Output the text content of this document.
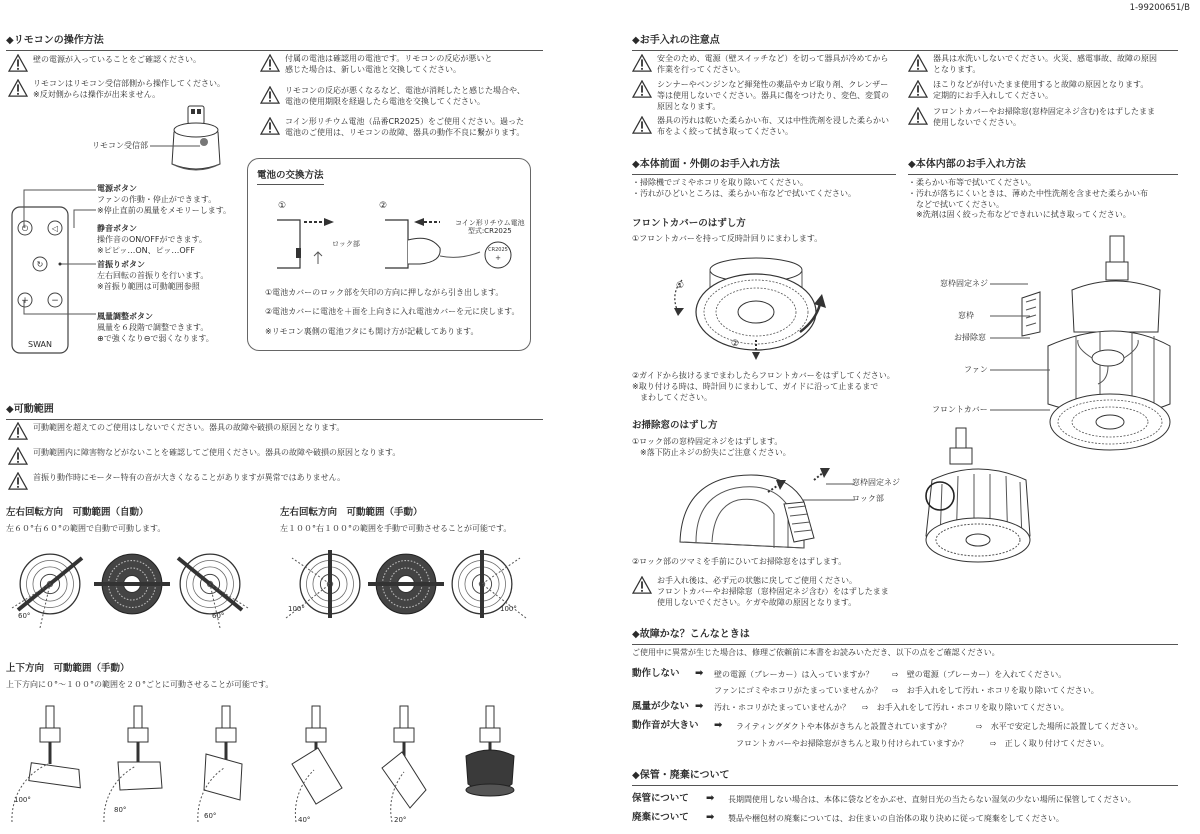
1-99200651/B
◆リモコンの操作方法
壁の電源が入っていることをご確認ください。
リモコンはリモコン受信部側から操作してください。
※反対側からは操作が出来ません。
リモコン受信部
⏻	◁
↻
+ −
SWAN
電源ボタン
ファンの作動・停止ができます。
※停止直前の風量をメモリーします。
静音ボタン
操作音のON/OFFができます。
※ピピッ…ON、ピッ…OFF
首振りボタン
左右回転の首振りを行います。
※首振り範囲は可動範囲参照
風量調整ボタン
風量を６段階で調整できます。
⊕で強くなり⊖で弱くなります。
付属の電池は確認用の電池です。リモコンの反応が悪いと
感じた場合は、新しい電池と交換してください。
リモコンの反応が悪くなるなど、電池が消耗したと感じた場合や、
電池の使用期限を経過したら電池を交換してください。
コイン形リチウム電池（品番CR2025）をご使用ください。過った
電池のご使用は、リモコンの故障、器具の動作不良に繋がります。
電池の交換方法
①	②
ロック部
コイン形リチウム電池
型式:CR2025
CR2025
+
①電池カバーのロック部を矢印の方向に押しながら引き出します。
②電池カバーに電池を＋面を上向きに入れ電池カバーを元に戻します。
※リモコン裏側の電池フタにも開け方が記載してあります。
◆可動範囲
可動範囲を超えてのご使用はしないでください。器具の故障や破損の原因となります。
可動範囲内に障害物などがないことを確認してご使用ください。器具の故障や破損の原因となります。
首振り動作時にモーター特有の音が大きくなることがありますが異常ではありません。
左右回転方向　可動範囲（自動）
左６０°右６０°の範囲で自動で可動します。
左右回転方向　可動範囲（手動）
左１００°右１００°の範囲を手動で可動させることが可能です。
60°	60°
100°	100°
上下方向　可動範囲（手動）
上下方向に０°～１００°の範囲を２０°ごとに可動させることが可能です。
100°
80°
60°	40°	20°
◆お手入れの注意点
安全のため、電源（壁スイッチなど）を切って器具が冷めてから
作業を行ってください。
シンナーやベンジンなど揮発性の薬品やカビ取り剤、クレンザー
等は使用しないでください。器具に傷をつけたり、変色、変質の
原因となります。
器具の汚れは乾いた柔らかい布、又は中性洗剤を浸した柔らかい
布をよく絞って拭き取ってください。
器具は水洗いしないでください。火災、感電事故、故障の原因
となります。
ほこりなどが付いたまま使用すると故障の原因となります。
定期的にお手入れしてください。
フロントカバーやお掃除窓(窓枠固定ネジ含む)をはずしたまま
使用しないでください。
◆本体前面・外側のお手入れ方法
・掃除機でゴミやホコリを取り除いてください。
・汚れがひどいところは、柔らかい布などで拭いてください。
◆本体内部のお手入れ方法
・柔らかい布等で拭いてください。
・汚れが落ちにくいときは、薄めた中性洗剤を含ませた柔らかい布
　などで拭いてください。
　※洗剤は固く絞った布などできれいに拭き取ってください。
フロントカバーのはずし方
①フロントカバーを持って反時計回りにまわします。
①
②
②ガイドから抜けるまでまわしたらフロントカバーをはずしてください。
※取り付ける時は、時計回りにまわして、ガイドに沿って止まるまで
　まわしてください。
お掃除窓のはずし方
①ロック部の窓枠固定ネジをはずします。
　※落下防止ネジの紛失にご注意ください。
窓枠固定ネジ
ロック部
窓枠固定ネジ
窓枠
お掃除窓
ファン
フロントカバー
②ロック部のツマミを手前にひいてお掃除窓をはずします。
お手入れ後は、必ず元の状態に戻してご使用ください。
フロントカバーやお掃除窓（窓枠固定ネジ含む）をはずしたまま
使用しないでください。ケガや故障の原因となります。
◆故障かな？こんなときは
ご使用中に異常が生じた場合は、修理ご依頼前に本書をお読みいただき、以下の点をご確認ください。
動作しない ➡ 壁の電源（ブレーカー）は入っていますか？ ⇨　壁の電源（ブレーカー）を入れてください。
ファンにゴミやホコリがたまっていませんか？ ⇨　お手入れをして汚れ・ホコリを取り除いてください。
風量が少ない ➡ 汚れ・ホコリがたまっていませんか？ ⇨　お手入れをして汚れ・ホコリを取り除いてください。
動作音が大きい ➡ ライティングダクトや本体がきちんと設置されていますか？	⇨　水平で安定した場所に設置してください。
フロントカバーやお掃除窓がきちんと取り付けられていますか？	⇨　正しく取り付けてください。
◆保管・廃棄について
保管について ➡ 長期間使用しない場合は、本体に袋などをかぶせ、直射日光の当たらない湿気の少ない場所に保管してください。
廃棄について ➡ 製品や梱包材の廃棄については、お住まいの自治体の取り決めに従って廃棄をしてください。
